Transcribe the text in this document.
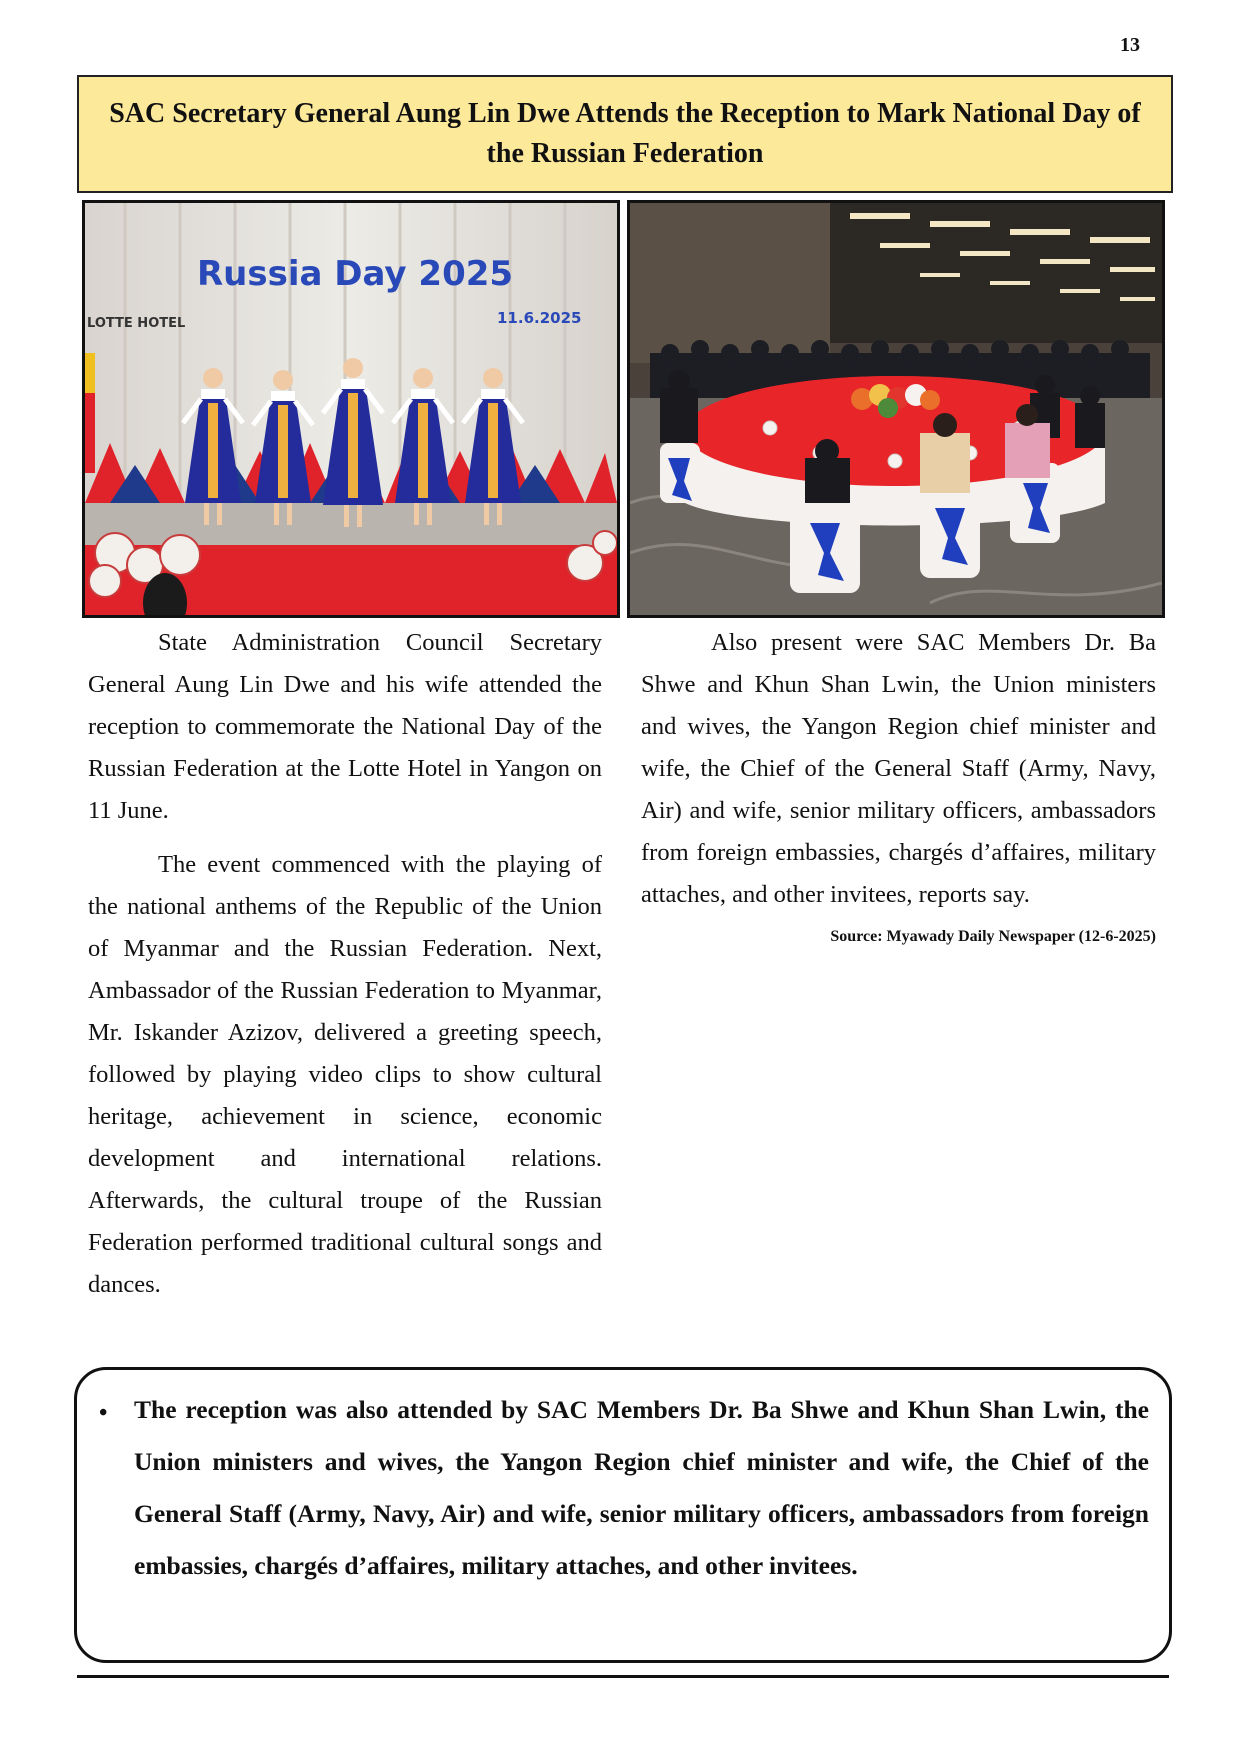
13
SAC Secretary General Aung Lin Dwe Attends the Reception to Mark National Day of the Russian Federation
Russia Day 2025
11.6.2025
LOTTE HOTEL

State Administration Council Secretary General Aung Lin Dwe and his wife attended the reception to commemorate the National Day of the Russian Federation at the Lotte Hotel in Yangon on 11 June.

The event commenced with the playing of the national anthems of the Republic of the Union of Myanmar and the Russian Federation. Next, Ambassador of the Russian Federation to Myanmar, Mr. Iskander Azizov, delivered a greeting speech, followed by playing video clips to show cultural heritage, achievement in science, economic development and international relations. Afterwards, the cultural troupe of the Russian Federation performed traditional cultural songs and dances.

Also present were SAC Members Dr. Ba Shwe and Khun Shan Lwin, the Union ministers and wives, the Yangon Region chief minister and wife, the Chief of the General Staff (Army, Navy, Air) and wife, senior military officers, ambassadors from foreign embassies, chargés d’affaires, military attaches, and other invitees, reports say.

Source: Myawady Daily Newspaper (12-6-2025)

• The reception was also attended by SAC Members Dr. Ba Shwe and Khun Shan Lwin, the Union ministers and wives, the Yangon Region chief minister and wife, the Chief of the General Staff (Army, Navy, Air) and wife, senior military officers, ambassadors from foreign embassies, chargés d’affaires, military attaches, and other invitees.
